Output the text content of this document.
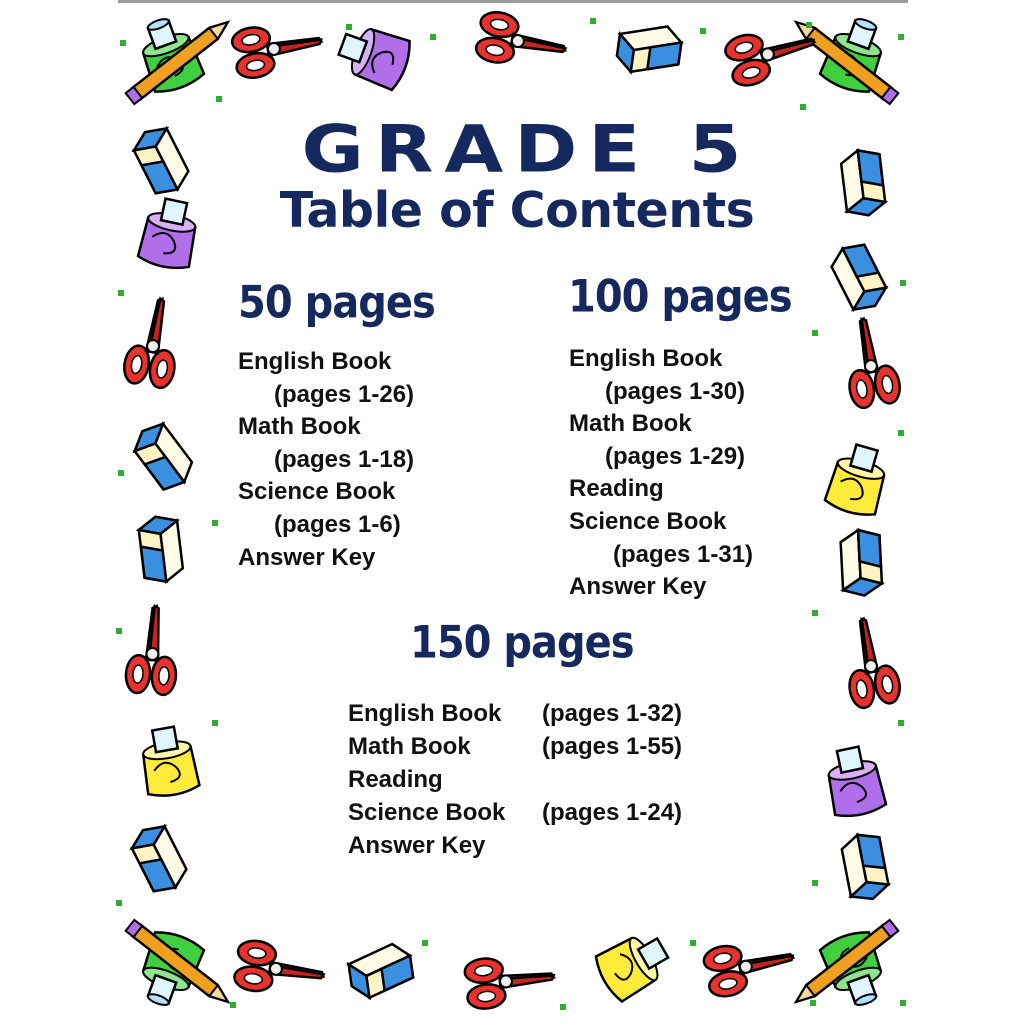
GRADE 5
Table of Contents
50 pages
English Book
(pages 1-26)
Math Book
(pages 1-18)
Science Book
(pages 1-6)
Answer Key
100 pages
English Book
(pages 1-30)
Math Book
(pages 1-29)
Reading
Science Book
(pages 1-31)
Answer Key
150 pages
English Book	(pages 1-32)
Math Book	(pages 1-55)
Reading	
Science Book	(pages 1-24)
Answer Key	
